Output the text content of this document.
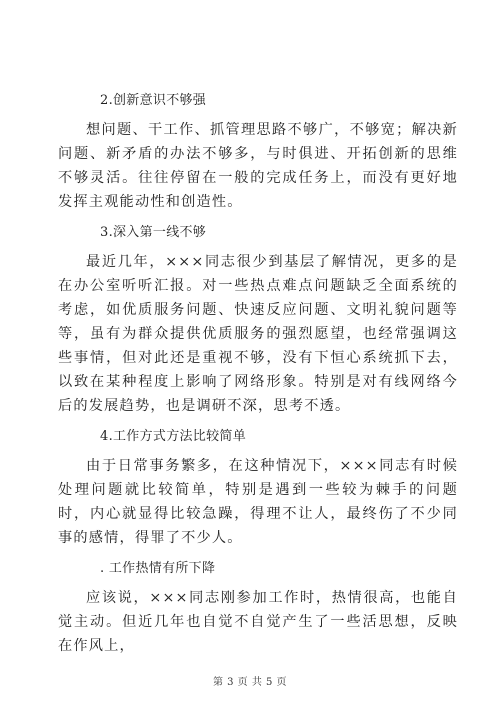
2.创新意识不够强
想问题、干工作、抓管理思路不够广，不够宽；解决新问题、新矛盾的办法不够多，与时俱进、开拓创新的思维不够灵活。往往停留在一般的完成任务上，而没有更好地发挥主观能动性和创造性。
3.深入第一线不够
最近几年，×××同志很少到基层了解情况，更多的是在办公室听听汇报。对一些热点难点问题缺乏全面系统的考虑，如优质服务问题、快速反应问题、文明礼貌问题等等，虽有为群众提供优质服务的强烈愿望，也经常强调这些事情，但对此还是重视不够，没有下恒心系统抓下去，以致在某种程度上影响了网络形象。特别是对有线网络今后的发展趋势，也是调研不深，思考不透。
4.工作方式方法比较简单
由于日常事务繁多，在这种情况下，×××同志有时候处理问题就比较简单，特别是遇到一些较为棘手的问题时，内心就显得比较急躁，得理不让人，最终伤了不少同事的感情，得罪了不少人。
. 工作热情有所下降
应该说，×××同志刚参加工作时，热情很高，也能自觉主动。但近几年也自觉不自觉产生了一些活思想，反映在作风上，
第 3 页 共 5 页
